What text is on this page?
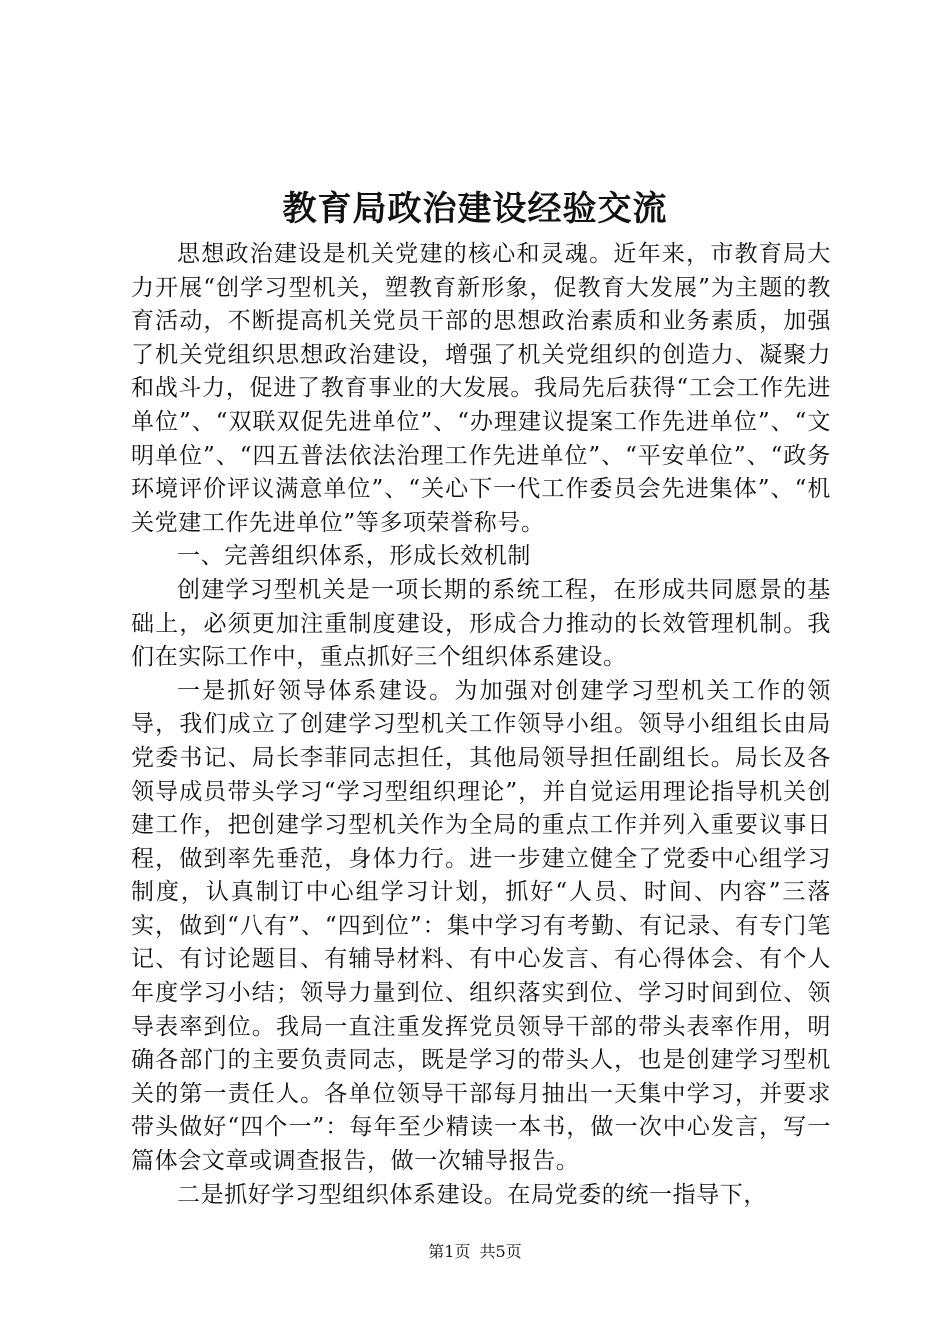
教育局政治建设经验交流

思想政治建设是机关党建的核心和灵魂。近年来，市教育局大力开展“创学习型机关，塑教育新形象，促教育大发展”为主题的教育活动，不断提高机关党员干部的思想政治素质和业务素质，加强了机关党组织思想政治建设，增强了机关党组织的创造力、凝聚力和战斗力，促进了教育事业的大发展。我局先后获得“工会工作先进单位”、“双联双促先进单位”、“办理建议提案工作先进单位”、“文明单位”、“四五普法依法治理工作先进单位”、“平安单位”、“政务环境评价评议满意单位”、“关心下一代工作委员会先进集体”、“机关党建工作先进单位”等多项荣誉称号。

一、完善组织体系，形成长效机制

创建学习型机关是一项长期的系统工程，在形成共同愿景的基础上，必须更加注重制度建设，形成合力推动的长效管理机制。我们在实际工作中，重点抓好三个组织体系建设。

一是抓好领导体系建设。为加强对创建学习型机关工作的领导，我们成立了创建学习型机关工作领导小组。领导小组组长由局党委书记、局长李菲同志担任，其他局领导担任副组长。局长及各领导成员带头学习“学习型组织理论”，并自觉运用理论指导机关创建工作，把创建学习型机关作为全局的重点工作并列入重要议事日程，做到率先垂范，身体力行。进一步建立健全了党委中心组学习制度，认真制订中心组学习计划，抓好“人员、时间、内容”三落实，做到“八有”、“四到位”：集中学习有考勤、有记录、有专门笔记、有讨论题目、有辅导材料、有中心发言、有心得体会、有个人年度学习小结；领导力量到位、组织落实到位、学习时间到位、领导表率到位。我局一直注重发挥党员领导干部的带头表率作用，明确各部门的主要负责同志，既是学习的带头人，也是创建学习型机关的第一责任人。各单位领导干部每月抽出一天集中学习，并要求带头做好“四个一”：每年至少精读一本书，做一次中心发言，写一篇体会文章或调查报告，做一次辅导报告。

二是抓好学习型组织体系建设。在局党委的统一指导下，

第1页 共5页
